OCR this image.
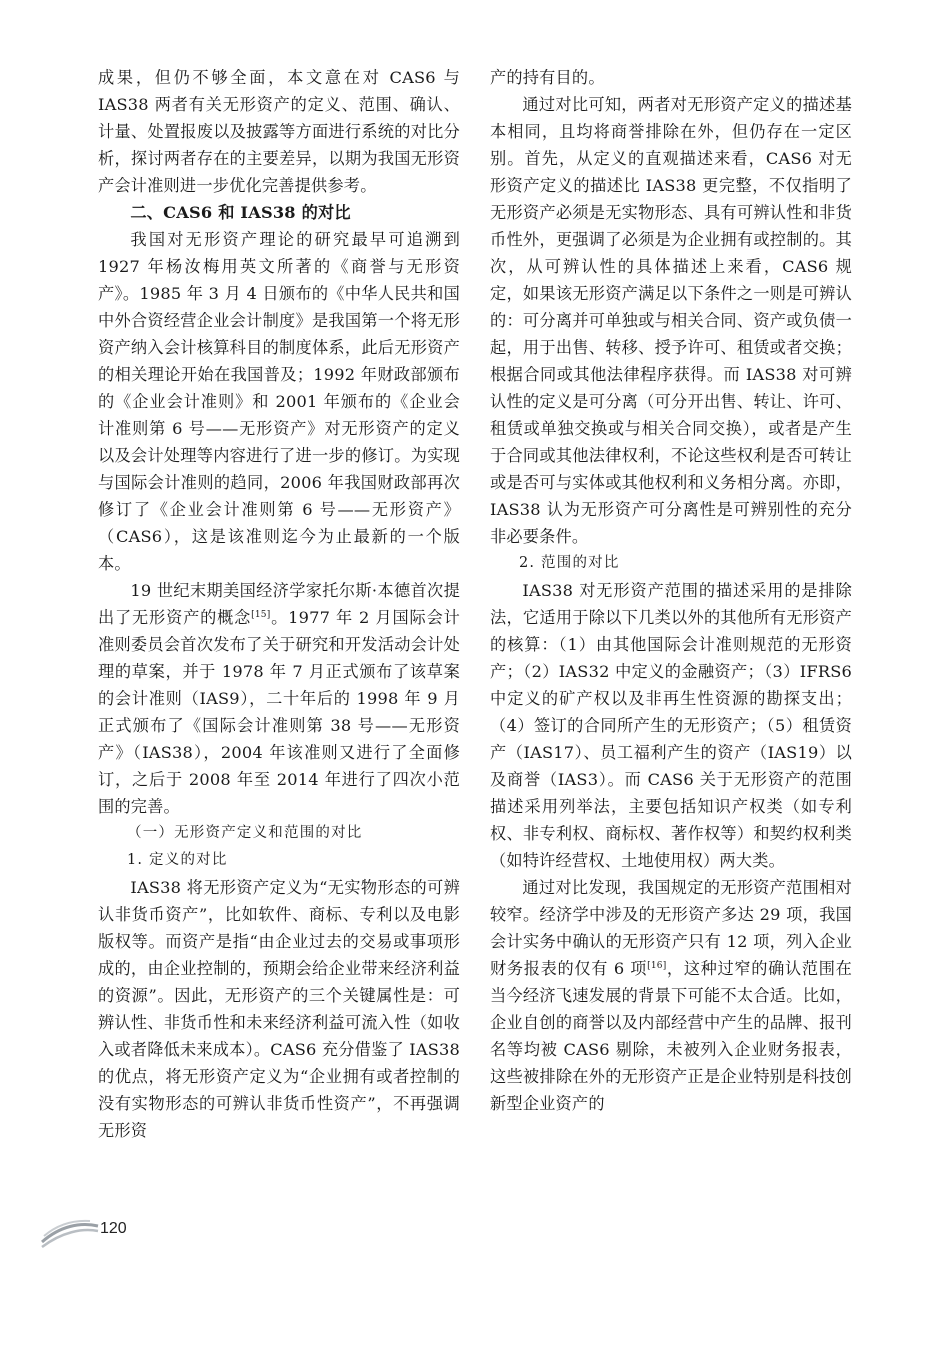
成果，但仍不够全面，本文意在对 CAS6 与 IAS38 两者有关无形资产的定义、范围、确认、计量、处置报废以及披露等方面进行系统的对比分析，探讨两者存在的主要差异，以期为我国无形资产会计准则进一步优化完善提供参考。

二、CAS6 和 IAS38 的对比

我国对无形资产理论的研究最早可追溯到 1927 年杨汝梅用英文所著的《商誉与无形资产》。1985 年 3 月 4 日颁布的《中华人民共和国中外合资经营企业会计制度》是我国第一个将无形资产纳入会计核算科目的制度体系，此后无形资产的相关理论开始在我国普及；1992 年财政部颁布的《企业会计准则》和 2001 年颁布的《企业会计准则第 6 号——无形资产》对无形资产的定义以及会计处理等内容进行了进一步的修订。为实现与国际会计准则的趋同，2006 年我国财政部再次修订了《企业会计准则第 6 号——无形资产》（CAS6），这是该准则迄今为止最新的一个版本。

19 世纪末期美国经济学家托尔斯·本德首次提出了无形资产的概念[15]。1977 年 2 月国际会计准则委员会首次发布了关于研究和开发活动会计处理的草案，并于 1978 年 7 月正式颁布了该草案的会计准则（IAS9），二十年后的 1998 年 9 月正式颁布了《国际会计准则第 38 号——无形资产》（IAS38），2004 年该准则又进行了全面修订，之后于 2008 年至 2014 年进行了四次小范围的完善。

（一）无形资产定义和范围的对比

1. 定义的对比

IAS38 将无形资产定义为“无实物形态的可辨认非货币资产”，比如软件、商标、专利以及电影版权等。而资产是指“由企业过去的交易或事项形成的，由企业控制的，预期会给企业带来经济利益的资源”。因此，无形资产的三个关键属性是：可辨认性、非货币性和未来经济利益可流入性（如收入或者降低未来成本）。CAS6 充分借鉴了 IAS38 的优点，将无形资产定义为“企业拥有或者控制的没有实物形态的可辨认非货币性资产”，不再强调无形资

产的持有目的。

通过对比可知，两者对无形资产定义的描述基本相同，且均将商誉排除在外，但仍存在一定区别。首先，从定义的直观描述来看，CAS6 对无形资产定义的描述比 IAS38 更完整，不仅指明了无形资产必须是无实物形态、具有可辨认性和非货币性外，更强调了必须是为企业拥有或控制的。其次，从可辨认性的具体描述上来看，CAS6 规定，如果该无形资产满足以下条件之一则是可辨认的：可分离并可单独或与相关合同、资产或负债一起，用于出售、转移、授予许可、租赁或者交换；根据合同或其他法律程序获得。而 IAS38 对可辨认性的定义是可分离（可分开出售、转让、许可、租赁或单独交换或与相关合同交换），或者是产生于合同或其他法律权利，不论这些权利是否可转让或是否可与实体或其他权利和义务相分离。亦即，IAS38 认为无形资产可分离性是可辨别性的充分非必要条件。

2. 范围的对比

IAS38 对无形资产范围的描述采用的是排除法，它适用于除以下几类以外的其他所有无形资产的核算：（1）由其他国际会计准则规范的无形资产；（2）IAS32 中定义的金融资产；（3）IFRS6 中定义的矿产权以及非再生性资源的勘探支出；（4）签订的合同所产生的无形资产；（5）租赁资产（IAS17）、员工福利产生的资产（IAS19）以及商誉（IAS3）。而 CAS6 关于无形资产的范围描述采用列举法，主要包括知识产权类（如专利权、非专利权、商标权、著作权等）和契约权利类（如特许经营权、土地使用权）两大类。

通过对比发现，我国规定的无形资产范围相对较窄。经济学中涉及的无形资产多达 29 项，我国会计实务中确认的无形资产只有 12 项，列入企业财务报表的仅有 6 项[16]，这种过窄的确认范围在当今经济飞速发展的背景下可能不太合适。比如，企业自创的商誉以及内部经营中产生的品牌、报刊名等均被 CAS6 剔除，未被列入企业财务报表，这些被排除在外的无形资产正是企业特别是科技创新型企业资产的

120
